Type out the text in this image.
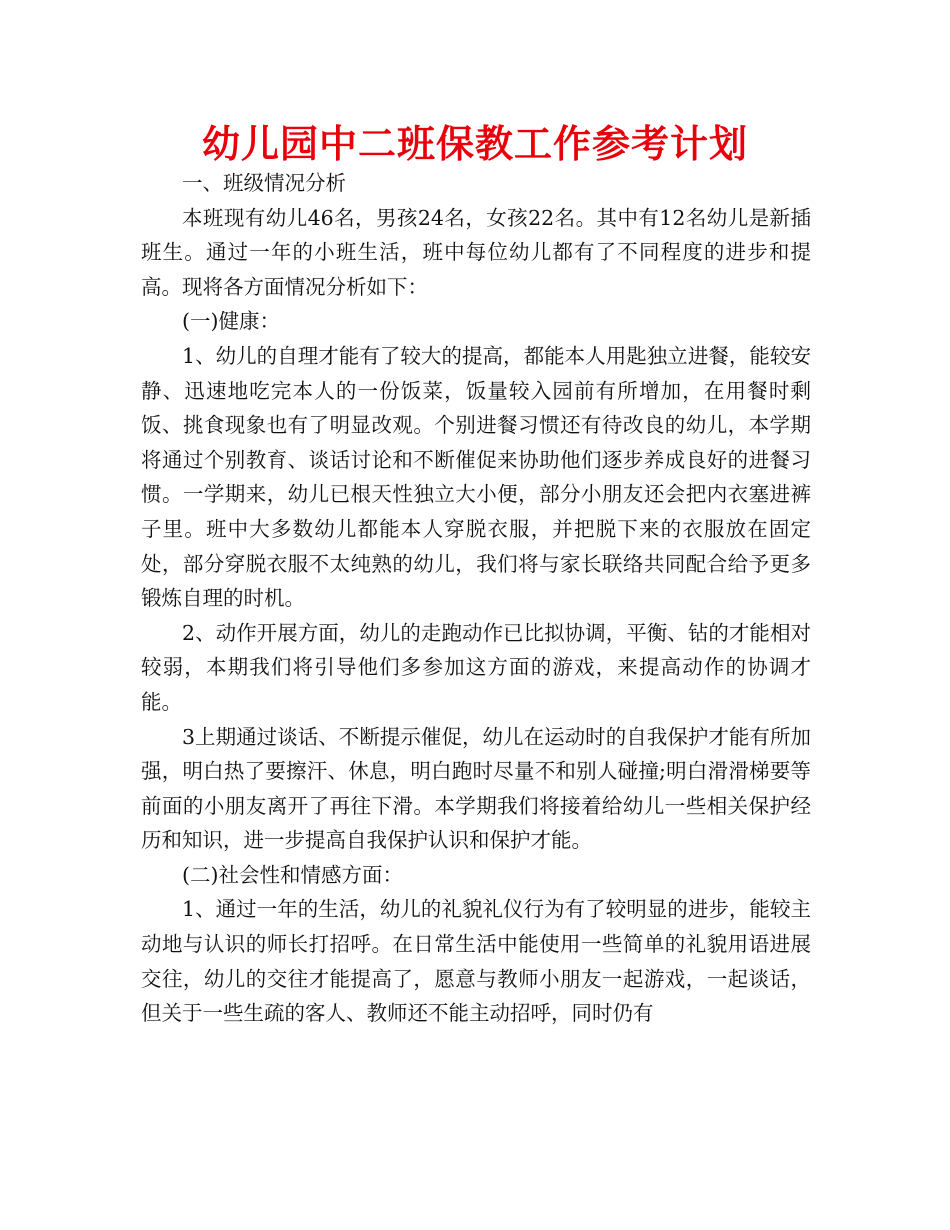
幼儿园中二班保教工作参考计划

一、班级情况分析

本班现有幼儿46名，男孩24名，女孩22名。其中有12名幼儿是新插班生。通过一年的小班生活，班中每位幼儿都有了不同程度的进步和提高。现将各方面情况分析如下：

(一)健康：

1、幼儿的自理才能有了较大的提高，都能本人用匙独立进餐，能较安静、迅速地吃完本人的一份饭菜，饭量较入园前有所增加，在用餐时剩饭、挑食现象也有了明显改观。个别进餐习惯还有待改良的幼儿，本学期将通过个别教育、谈话讨论和不断催促来协助他们逐步养成良好的进餐习惯。一学期来，幼儿已根天性独立大小便，部分小朋友还会把内衣塞进裤子里。班中大多数幼儿都能本人穿脱衣服，并把脱下来的衣服放在固定处，部分穿脱衣服不太纯熟的幼儿，我们将与家长联络共同配合给予更多锻炼自理的时机。

2、动作开展方面，幼儿的走跑动作已比拟协调，平衡、钻的才能相对较弱，本期我们将引导他们多参加这方面的游戏，来提高动作的协调才能。

3上期通过谈话、不断提示催促，幼儿在运动时的自我保护才能有所加强，明白热了要擦汗、休息，明白跑时尽量不和别人碰撞;明白滑滑梯要等前面的小朋友离开了再往下滑。本学期我们将接着给幼儿一些相关保护经历和知识，进一步提高自我保护认识和保护才能。

(二)社会性和情感方面：

1、通过一年的生活，幼儿的礼貌礼仪行为有了较明显的进步，能较主动地与认识的师长打招呼。在日常生活中能使用一些简单的礼貌用语进展交往，幼儿的交往才能提高了，愿意与教师小朋友一起游戏，一起谈话，但关于一些生疏的客人、教师还不能主动招呼，同时仍有
